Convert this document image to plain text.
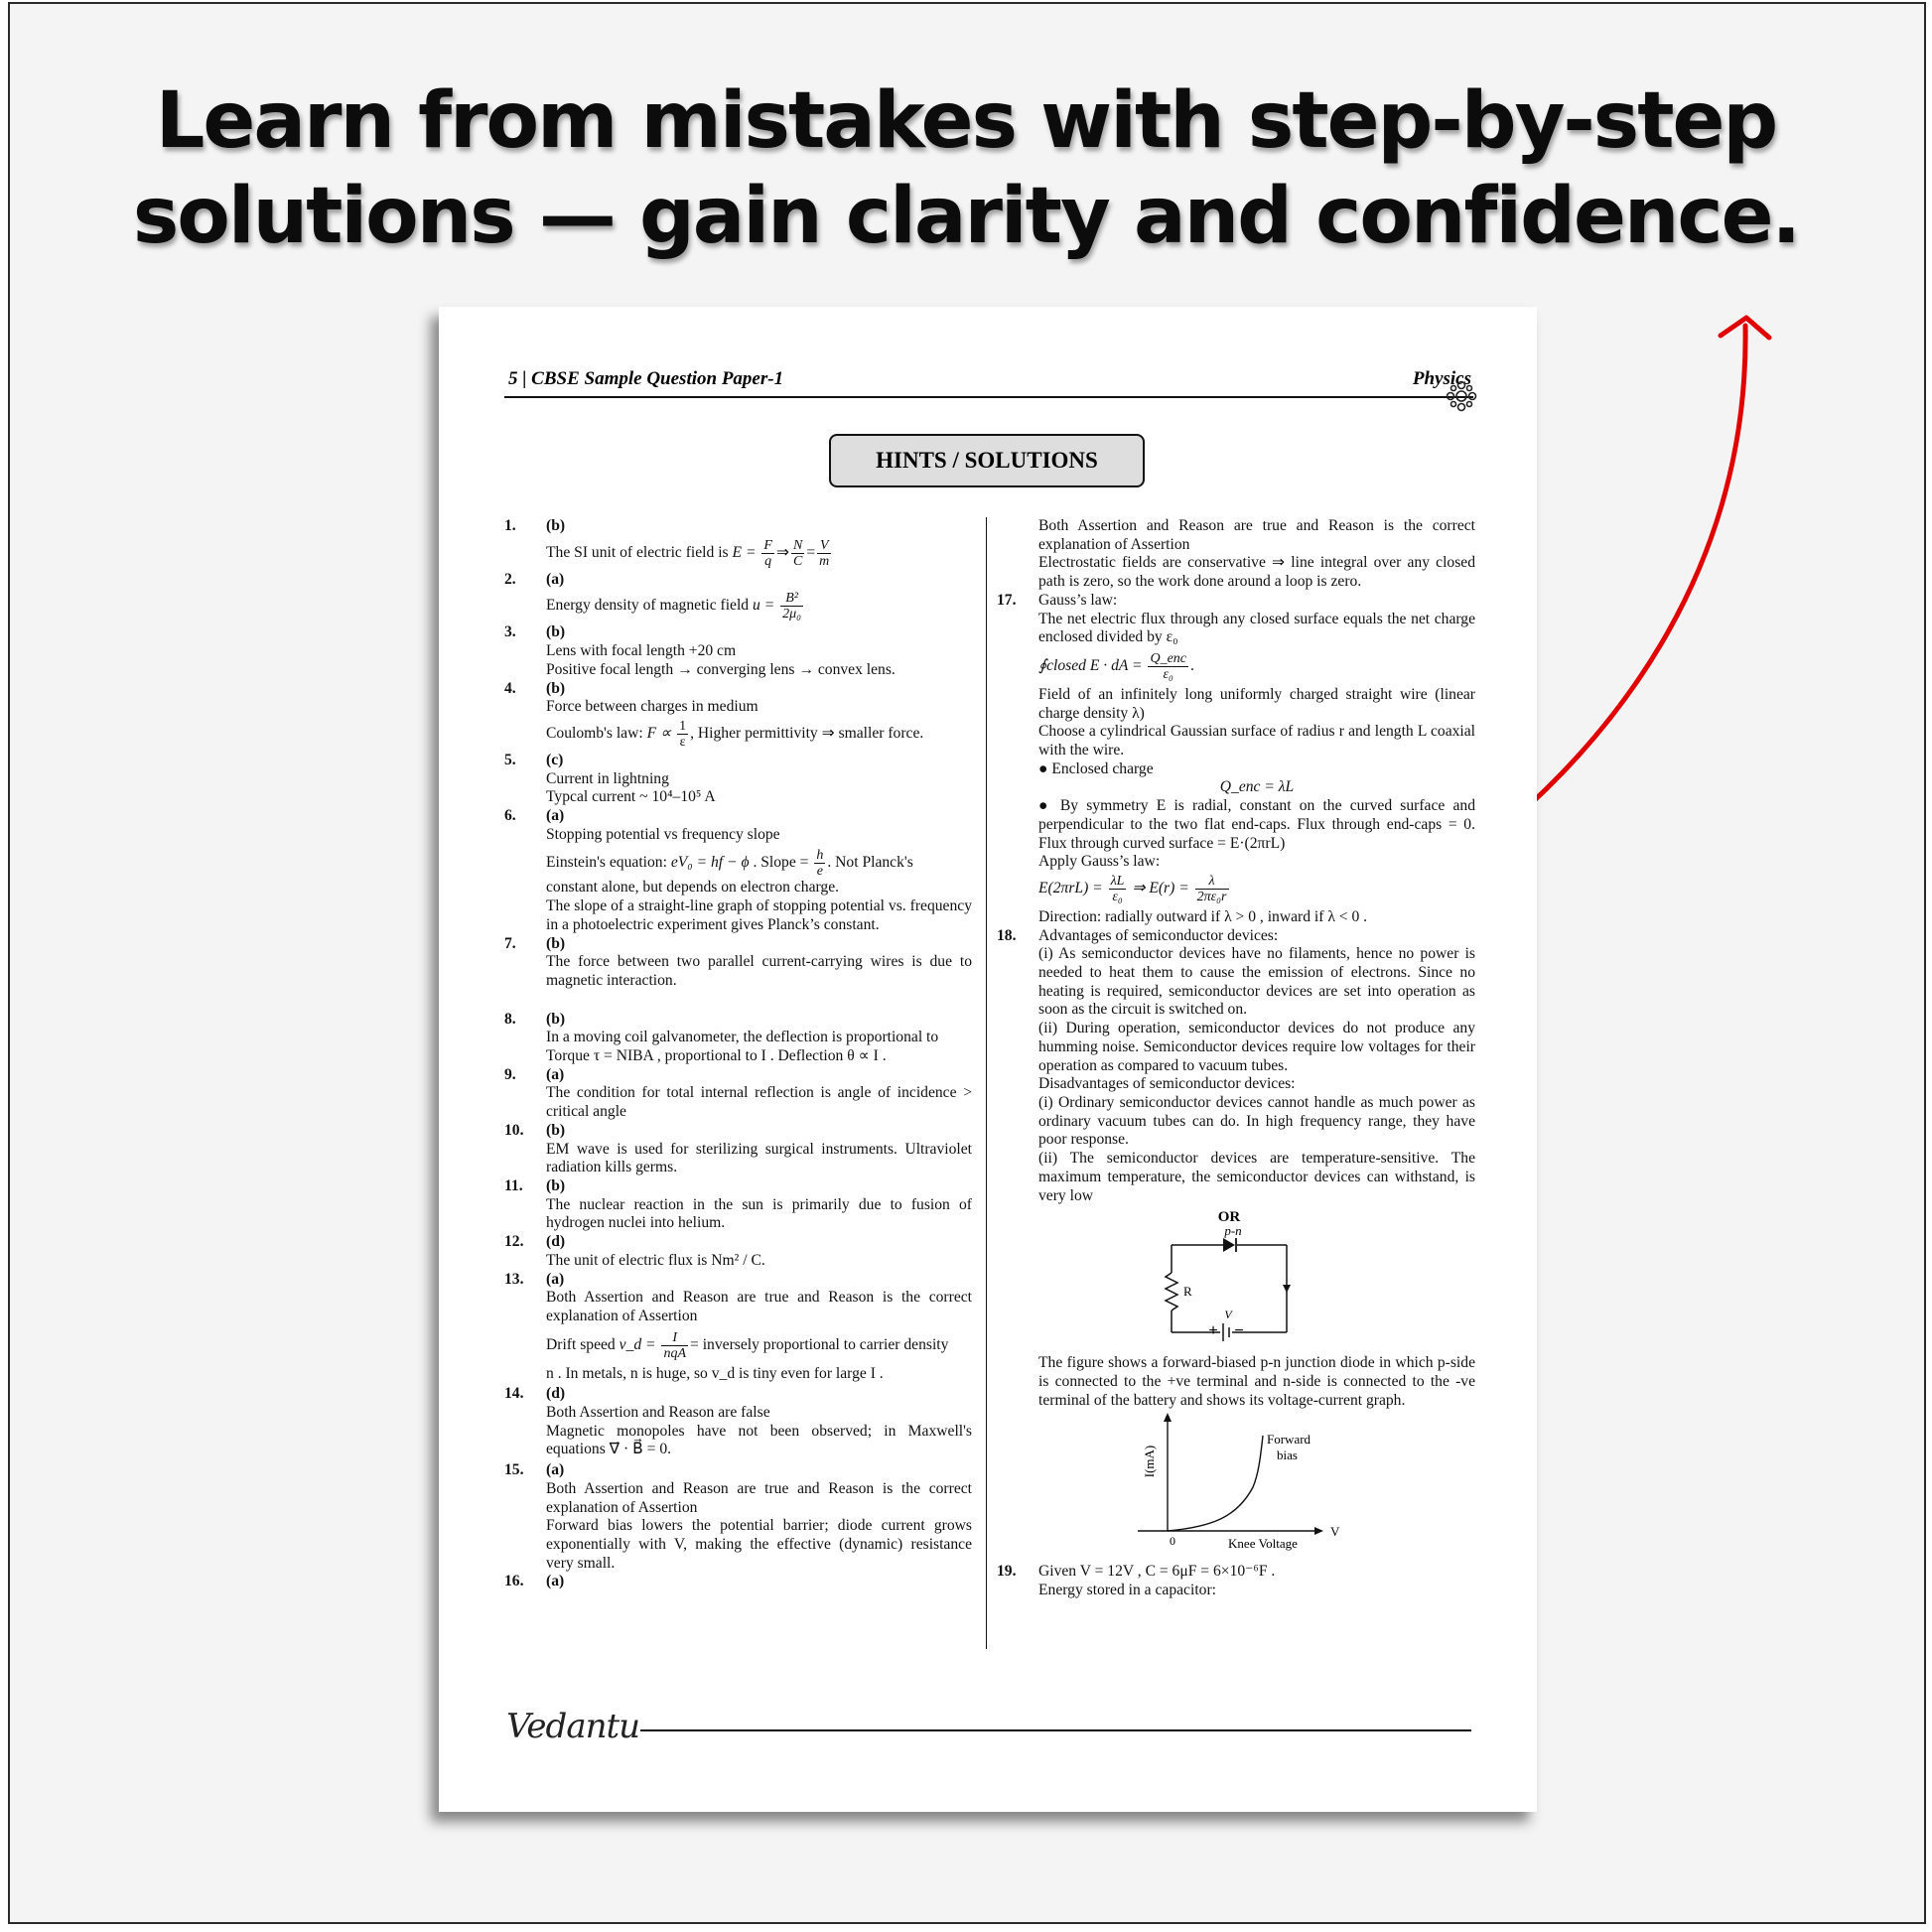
Learn from mistakes with step-by-step
solutions — gain clarity and confidence.
5 | CBSE Sample Question Paper-1	Physics
HINTS / SOLUTIONS
1.	(b)
The SI unit of electric field is $E = \frac{F}{q}$ ⇒ $\frac{N}{C} = \frac{V}{m}$
2.	(a)
Energy density of magnetic field $u = \frac{\text{B²}}{\text{2μ₀}}$
3.	(b)
Lens with focal length +20 cm
Positive focal length → converging lens → convex lens.
4.	(b)
Force between charges in medium
Coulomb's law: $F \propto \frac{1}{\varepsilon}$ , Higher permittivity ⇒ smaller force.
5.	(c)
Current in lightning
Typcal current ~ 10⁴–10⁵ A
6.	(a)
Stopping potential vs frequency slope
Einstein's equation: eV₀ = hf − ϕ . Slope = $\frac{h}{e}$ . Not Planck's
constant alone, but depends on electron charge.
The slope of a straight-line graph of stopping potential vs. frequency in a photoelectric experiment gives Planck’s constant.
7.	(b)
The force between two parallel current-carrying wires is due to magnetic interaction.
8.	(b)
In a moving coil galvanometer, the deflection is proportional to
Torque τ = NIBA , proportional to I . Deflection θ ∝ I .
9.	(a)
The condition for total internal reflection is angle of incidence > critical angle
10.	(b)
EM wave is used for sterilizing surgical instruments. Ultraviolet radiation kills germs.
11.	(b)
The nuclear reaction in the sun is primarily due to fusion of hydrogen nuclei into helium.
12.	(d)
The unit of electric flux is Nm² / C.
13.	(a)
Both Assertion and Reason are true and Reason is the correct explanation of Assertion
Drift speed v_d =	I
nqA
= inversely proportional to carrier density
n . In metals, n is huge, so v_d is tiny even for large I .
14.	(d)
Both Assertion and Reason are false
Magnetic monopoles have not been observed; in Maxwell's equations ∇⃗ · B⃗ = 0.
15.	(a)
Both Assertion and Reason are true and Reason is the correct explanation of Assertion
Forward bias lowers the potential barrier; diode current grows exponentially with V, making the effective (dynamic) resistance very small.
16.	(a)
Both Assertion and Reason are true and Reason is the correct explanation of Assertion
Electrostatic fields are conservative ⇒ line integral over any closed path is zero, so the work done around a loop is zero.
17.	Gauss’s law:
The net electric flux through any closed surface equals the net charge enclosed divided by ε₀
∮closed E · dA = Q_enc
ε₀
.
Field of an infinitely long uniformly charged straight wire (linear charge density λ)
Choose a cylindrical Gaussian surface of radius r and length L coaxial with the wire.
● Enclosed charge
Q_enc = λL
● By symmetry E is radial, constant on the curved surface and perpendicular to the two flat end-caps. Flux through end-caps = 0. Flux through curved surface = E·(2πrL)
Apply Gauss’s law:
$E(2\pi rL) = \frac{\lambda L}{\text{ε₀}}$ ⇒ $E(r) = \frac{\lambda}{\text{2πε₀r}}$
Direction: radially outward if λ > 0 , inward if λ < 0 .
18.	Advantages of semiconductor devices:
(i) As semiconductor devices have no filaments, hence no power is needed to heat them to cause the emission of electrons. Since no heating is required, semiconductor devices are set into operation as soon as the circuit is switched on.
(ii) During operation, semiconductor devices do not produce any humming noise. Semiconductor devices require low voltages for their operation as compared to vacuum tubes.
Disadvantages of semiconductor devices:
(i) Ordinary semiconductor devices cannot handle as much power as ordinary vacuum tubes can do. In high frequency range, they have poor response.
(ii) The semiconductor devices are temperature-sensitive. The maximum temperature, the semiconductor devices can withstand, is very low
OR
p-n
R
V
+ −
The figure shows a forward-biased p-n junction diode in which p-side is connected to the +ve terminal and n-side is connected to the -ve terminal of the battery and shows its voltage-current graph.
I(mA)
V
0
Forward
bias
Knee Voltage
19.	Given V = 12V , C = 6μF = 6×10⁻⁶F .
Energy stored in a capacitor:
Vedantu
